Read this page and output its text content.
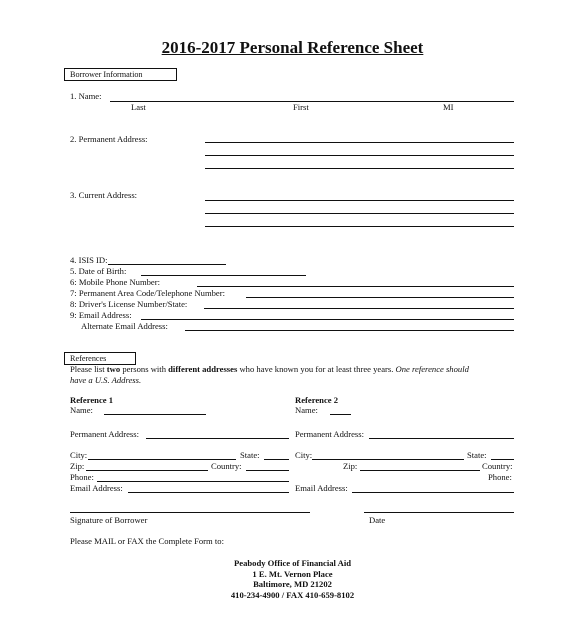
2016-2017 Personal Reference Sheet
Borrower Information
1. Name:
Last	First	MI
2. Permanent Address:
3. Current Address:
4. ISIS ID:
5. Date of Birth:
6: Mobile Phone Number:
7: Permanent Area Code/Telephone Number:
8: Driver's License Number/State:
9: Email Address:
Alternate Email Address:
References
Please list two persons with different addresses who have known you for at least three years. One reference should
have a U.S. Address.
Reference 1
Name:
Permanent Address:
City:	State:
Zip:	Country:
Phone:
Email Address:
Reference 2
Name:
Permanent Address:
City:	State:
Zip:	Country:
Phone:
Email Address:
Signature of Borrower	Date
Please MAIL or FAX the Complete Form to:
Peabody Office of Financial Aid
1 E. Mt. Vernon Place
Baltimore, MD 21202
410-234-4900 / FAX 410-659-8102
